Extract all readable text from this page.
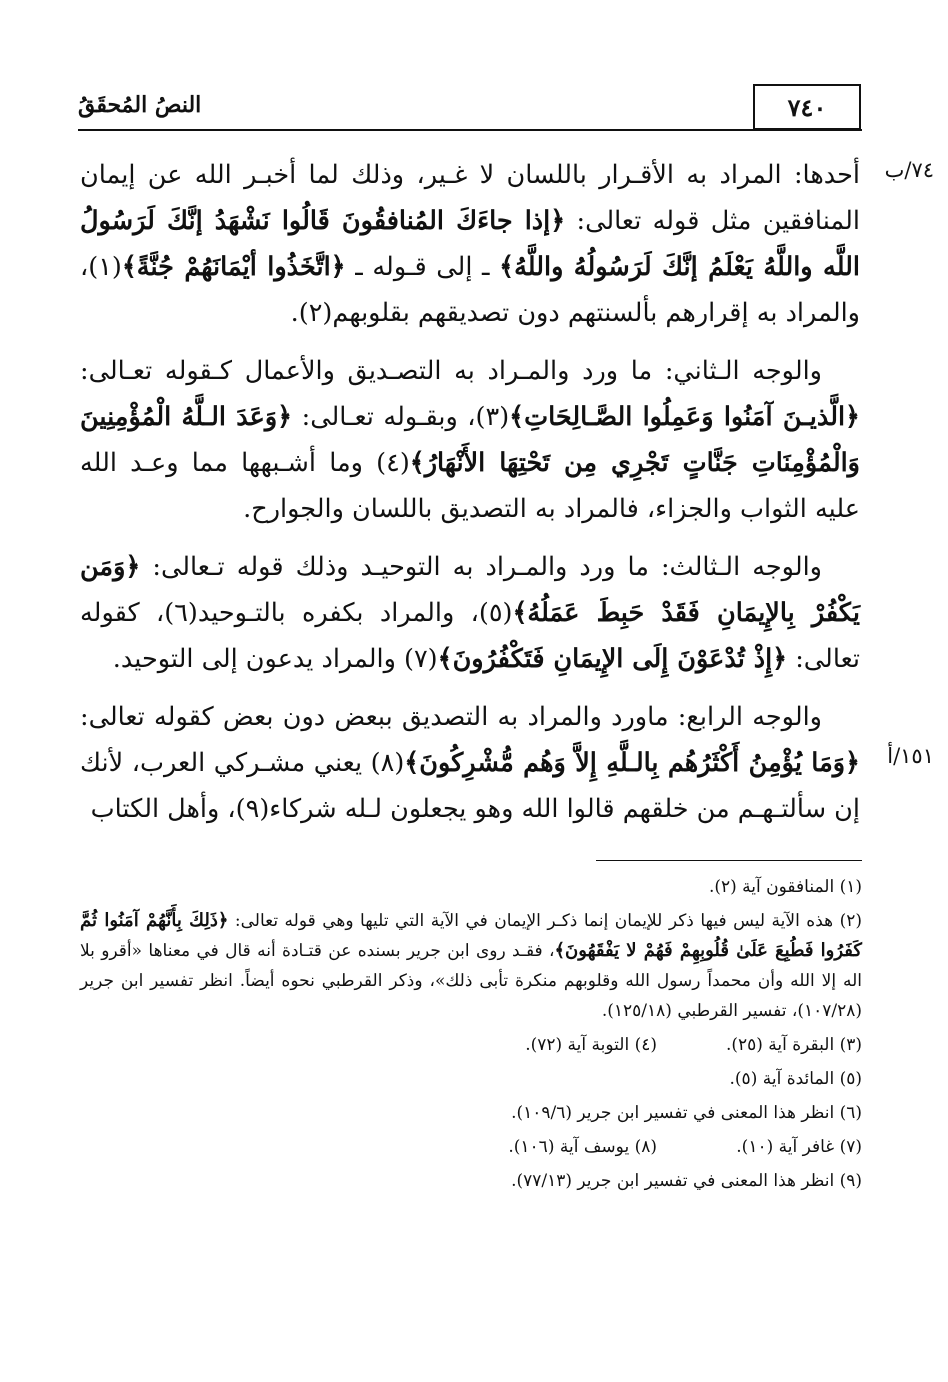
٧٤٠
النصُ المُحقَقُ
٧٤/ب
١٥١/أ

أحدها: المراد به الأقـرار باللسان لا غـير، وذلك لما أخبـر الله عن إيمان المنافقين مثل قوله تعالى: ﴿إذا جاءَكَ المُنافقُونَ قَالُوا نَشْهَدُ إنَّكَ لَرَسُولُ اللَّه واللَّهُ يَعْلَمُ إنَّكَ لَرَسُولُهُ واللَّهُ﴾ ـ إلى قـوله ـ ﴿اتَّخَذُوا أيْمَانَهُمْ جُنَّةً﴾(١)، والمراد به إقرارهم بألسنتهم دون تصديقهم بقلوبهم(٢).

والوجه الـثاني: ما ورد والمـراد به التصـديق والأعمال كـقوله تعـالى: ﴿الَّذيـنَ آمَنُوا وَعَمِلُوا الصَّـالِحَاتِ﴾(٣)، وبقـوله تعـالى: ﴿وَعَدَ الـلَّهُ الْمُؤْمِنِينَ وَالْمُؤْمِنَاتِ جَنَّاتٍ تَجْرِي مِن تَحْتِهَا الأَنْهَارُ﴾(٤) وما أشـبهها مما وعـد الله عليه الثواب والجزاء، فالمراد به التصديق باللسان والجوارح.

والوجه الـثالث: ما ورد والمـراد به التوحيـد وذلك قوله تـعالى: ﴿وَمَن يَكْفُرْ بِالإِيمَانِ فَقَدْ حَبِطَ عَمَلُهُ﴾(٥)، والمراد بكفره بالتـوحيد(٦)، كقوله تعالى: ﴿إِذْ تُدْعَوْنَ إِلَى الإِيمَانِ فَتَكْفُرُونَ﴾(٧) والمراد يدعون إلى التوحيد.

والوجه الرابع: ماورد والمراد به التصديق ببعض دون بعض كقوله تعالى: ﴿وَمَا يُؤْمِنُ أَكْثَرُهُم بِالـلَّهِ إِلاَّ وَهُم مُّشْرِكُونَ﴾(٨) يعني مشـركي العرب، لأنك إن سألتـهـم من خلقهم قالوا الله وهو يجعلون لـله شركاء(٩)، وأهل الكتاب

(١) المنافقون آية (٢).
(٢) هذه الآية ليس فيها ذكر للإيمان إنما ذكـر الإيمان في الآية التي تليها وهي قوله تعالى: ﴿ذَلِكَ بِأَنَّهُمْ آمَنُوا ثُمَّ كَفَرُوا فَطُبِعَ عَلَىٰ قُلُوبِهِمْ فَهُمْ لا يَفْقَهُونَ﴾، فقـد روى ابن جرير بسنده عن قتـادة أنه قال في معناها «أقرو بلا اله إلا الله وأن محمداً رسول الله وقلوبهم منكرة تأبى ذلك»، وذكر القرطبي نحوه أيضاً. انظر تفسير ابن جرير (١٠٧/٢٨)، تفسير القرطبي (١٢٥/١٨).
(٣) البقرة آية (٢٥).
(٤) التوبة آية (٧٢).
(٥) المائدة آية (٥).
(٦) انظر هذا المعنى في تفسير ابن جرير (١٠٩/٦).
(٧) غافر آية (١٠).
(٨) يوسف آية (١٠٦).
(٩) انظر هذا المعنى في تفسير ابن جرير (٧٧/١٣).
